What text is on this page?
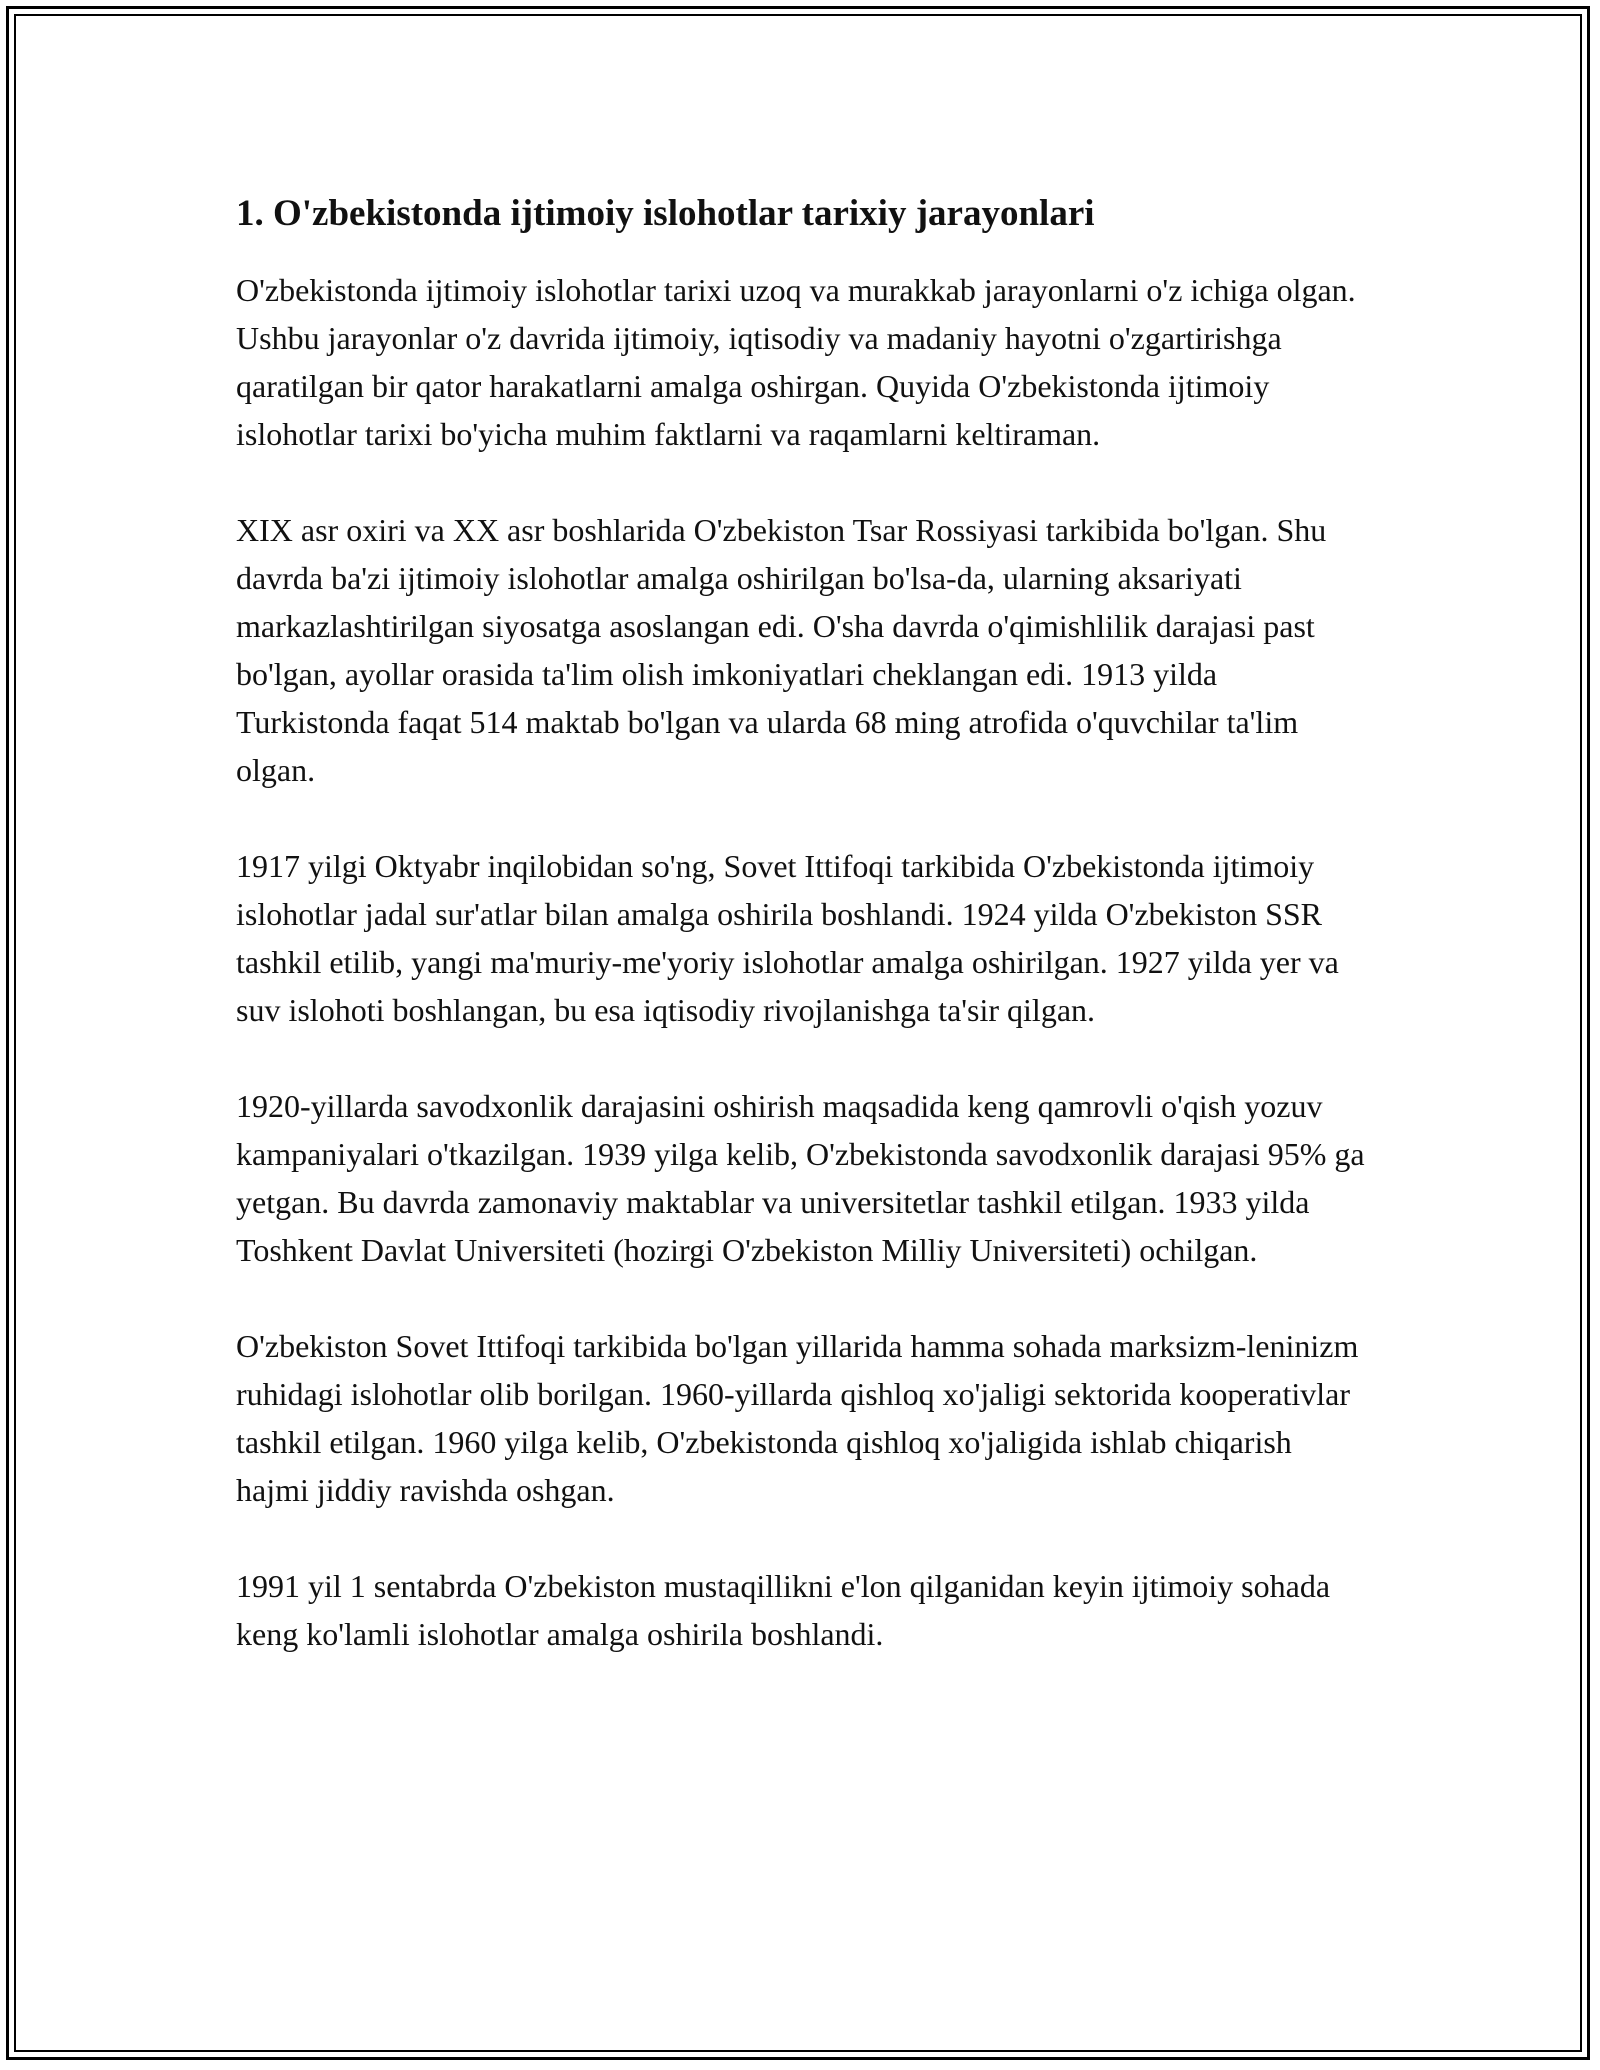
1. O'zbekistonda ijtimoiy islohotlar tarixiy jarayonlari

O'zbekistonda ijtimoiy islohotlar tarixi uzoq va murakkab jarayonlarni o'z ichiga olgan. Ushbu jarayonlar o'z davrida ijtimoiy, iqtisodiy va madaniy hayotni o'zgartirishga qaratilgan bir qator harakatlarni amalga oshirgan. Quyida O'zbekistonda ijtimoiy islohotlar tarixi bo'yicha muhim faktlarni va raqamlarni keltiraman.

XIX asr oxiri va XX asr boshlarida O'zbekiston Tsar Rossiyasi tarkibida bo'lgan. Shu davrda ba'zi ijtimoiy islohotlar amalga oshirilgan bo'lsa-da, ularning aksariyati markazlashtirilgan siyosatga asoslangan edi. O'sha davrda o'qimishlilik darajasi past bo'lgan, ayollar orasida ta'lim olish imkoniyatlari cheklangan edi. 1913 yilda Turkistonda faqat 514 maktab bo'lgan va ularda 68 ming atrofida o'quvchilar ta'lim olgan.

1917 yilgi Oktyabr inqilobidan so'ng, Sovet Ittifoqi tarkibida O'zbekistonda ijtimoiy islohotlar jadal sur'atlar bilan amalga oshirila boshlandi. 1924 yilda O'zbekiston SSR tashkil etilib, yangi ma'muriy-me'yoriy islohotlar amalga oshirilgan. 1927 yilda yer va suv islohoti boshlangan, bu esa iqtisodiy rivojlanishga ta'sir qilgan.

1920-yillarda savodxonlik darajasini oshirish maqsadida keng qamrovli o'qish yozuv kampaniyalari o'tkazilgan. 1939 yilga kelib, O'zbekistonda savodxonlik darajasi 95% ga yetgan. Bu davrda zamonaviy maktablar va universitetlar tashkil etilgan. 1933 yilda Toshkent Davlat Universiteti (hozirgi O'zbekiston Milliy Universiteti) ochilgan.

O'zbekiston Sovet Ittifoqi tarkibida bo'lgan yillarida hamma sohada marksizm-leninizm ruhidagi islohotlar olib borilgan. 1960-yillarda qishloq xo'jaligi sektorida kooperativlar tashkil etilgan. 1960 yilga kelib, O'zbekistonda qishloq xo'jaligida ishlab chiqarish hajmi jiddiy ravishda oshgan.

1991 yil 1 sentabrda O'zbekiston mustaqillikni e'lon qilganidan keyin ijtimoiy sohada keng ko'lamli islohotlar amalga oshirila boshlandi.
